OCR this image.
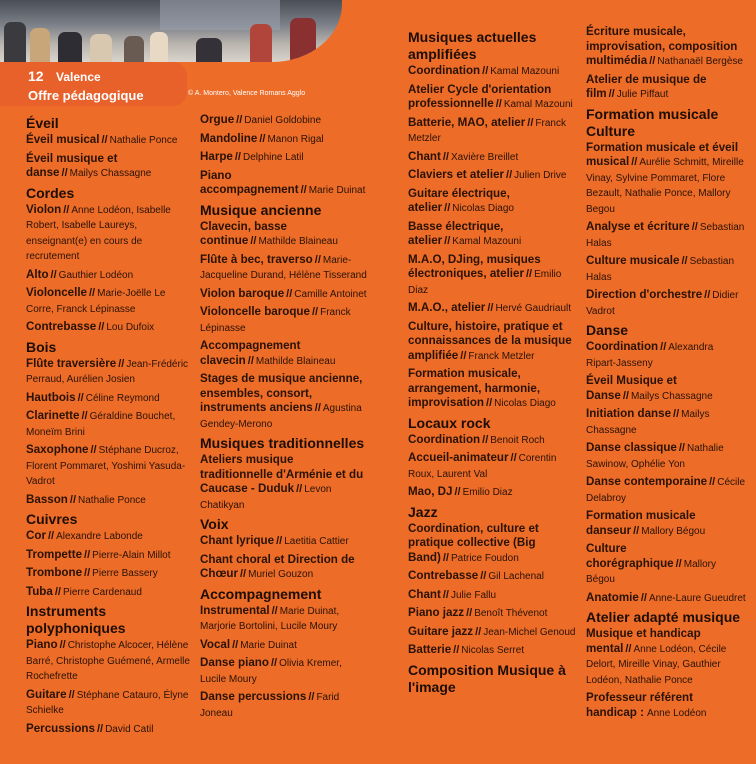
12 Valence
Offre pédagogique	© A. Montero, Valence Romans Agglo
Éveil
Éveil musical // Nathalie Ponce
Éveil musique et danse // Mailys Chassagne
Cordes
Violon // Anne Lodéon, Isabelle Robert, Isabelle Laureys, enseignant(e) en cours de recrutement
Alto // Gauthier Lodéon
Violoncelle // Marie-Joëlle Le Corre, Franck Lépinasse
Contrebasse // Lou Dufoix
Bois
Flûte traversière // Jean-Frédéric Perraud, Aurélien Josien
Hautbois // Céline Reymond
Clarinette // Géraldine Bouchet, Moneïm Brini
Saxophone // Stéphane Ducroz, Florent Pommaret, Yoshimi Yasuda-Vadrot
Basson // Nathalie Ponce
Cuivres
Cor // Alexandre Labonde
Trompette // Pierre-Alain Millot
Trombone // Pierre Bassery
Tuba // Pierre Cardenaud
Instruments polyphoniques
Piano // Christophe Alcocer, Hélène Barré, Christophe Guémené, Armelle Rochefrette
Guitare // Stéphane Catauro, Élyne Schielke
Percussions // David Catil
Orgue // Daniel Goldobine
Mandoline // Manon Rigal
Harpe // Delphine Latil
Piano accompagnement // Marie Duinat
Musique ancienne
Clavecin, basse continue // Mathilde Blaineau
Flûte à bec, traverso // Marie-Jacqueline Durand, Hélène Tisserand
Violon baroque // Camille Antoinet
Violoncelle baroque // Franck Lépinasse
Accompagnement clavecin // Mathilde Blaineau
Stages de musique ancienne, ensembles, consort, instruments anciens // Agustina Gendey-Merono
Musiques traditionnelles
Ateliers musique traditionnelle d'Arménie et du Caucase - Duduk // Levon Chatikyan
Voix
Chant lyrique // Laetitia Cattier
Chant choral et Direction de Chœur // Muriel Gouzon
Accompagnement
Instrumental // Marie Duinat, Marjorie Bortolini, Lucile Moury
Vocal // Marie Duinat
Danse piano // Olivia Kremer, Lucile Moury
Danse percussions // Farid Joneau
Musiques actuelles amplifiées
Coordination // Kamal Mazouni
Atelier Cycle d'orientation professionnelle // Kamal Mazouni
Batterie, MAO, atelier // Franck Metzler
Chant // Xavière Breillet
Claviers et atelier // Julien Drive
Guitare électrique, atelier // Nicolas Diago
Basse électrique, atelier // Kamal Mazouni
M.A.O, DJing, musiques électroniques, atelier // Emilio Diaz
M.A.O., atelier // Hervé Gaudriault
Culture, histoire, pratique et connaissances de la musique amplifiée // Franck Metzler
Formation musicale, arrangement, harmonie, improvisation // Nicolas Diago
Locaux rock
Coordination // Benoit Roch
Accueil-animateur // Corentin Roux, Laurent Val
Mao, DJ // Emilio Diaz
Jazz
Coordination, culture et pratique collective (Big Band) // Patrice Foudon
Contrebasse // Gil Lachenal
Chant // Julie Fallu
Piano jazz // Benoît Thévenot
Guitare jazz // Jean-Michel Genoud
Batterie // Nicolas Serret
Composition Musique à l'image
Écriture musicale, improvisation, composition multimédia // Nathanaël Bergèse
Atelier de musique de film // Julie Piffaut
Formation musicale Culture
Formation musicale et éveil musical // Aurélie Schmitt, Mireille Vinay, Sylvine Pommaret, Flore Bezault, Nathalie Ponce, Mallory Begou
Analyse et écriture // Sebastian Halas
Culture musicale // Sebastian Halas
Direction d'orchestre // Didier Vadrot
Danse
Coordination // Alexandra Ripart-Jasseny
Éveil Musique et Danse // Mailys Chassagne
Initiation danse // Mailys Chassagne
Danse classique // Nathalie Sawinow, Ophélie Yon
Danse contemporaine // Cécile Delabroy
Formation musicale danseur // Mallory Bégou
Culture chorégraphique // Mallory Bégou
Anatomie // Anne-Laure Gueudret
Atelier adapté musique
Musique et handicap mental // Anne Lodéon, Cécile Delort, Mireille Vinay, Gauthier Lodéon, Nathalie Ponce
Professeur référent handicap : Anne Lodéon
